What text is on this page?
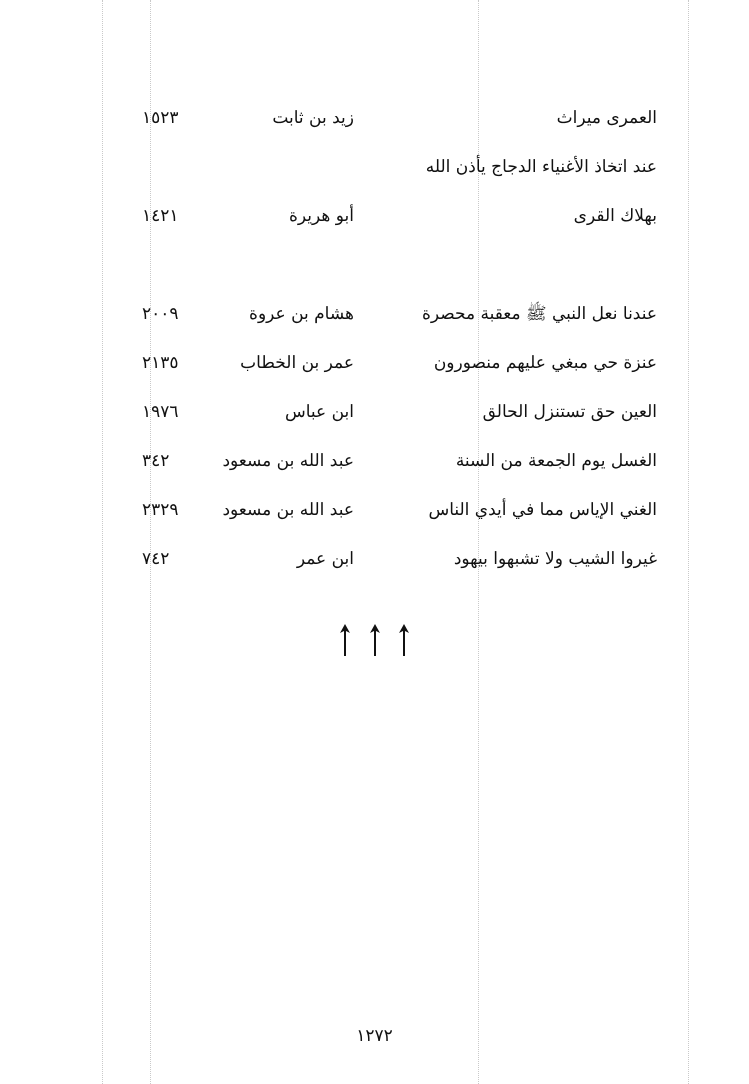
العمرى ميراث
زيد بن ثابت
١٥٢٣
عند اتخاذ الأغنياء الدجاج يأذن الله
بهلاك القرى
أبو هريرة
١٤٢١
عندنا نعل النبي ﷺ معقبة محصرة
هشام بن عروة
٢٠٠٩
عنزة حي مبغي عليهم منصورون
عمر بن الخطاب
٢١٣٥
العين حق تستنزل الحالق
ابن عباس
١٩٧٦
الغسل يوم الجمعة من السنة
عبد الله بن مسعود
٣٤٢
الغني الإياس مما في أيدي الناس
عبد الله بن مسعود
٢٣٢٩
غيروا الشيب ولا تشبهوا بيهود
ابن عمر
٧٤٢

١٢٧٢
